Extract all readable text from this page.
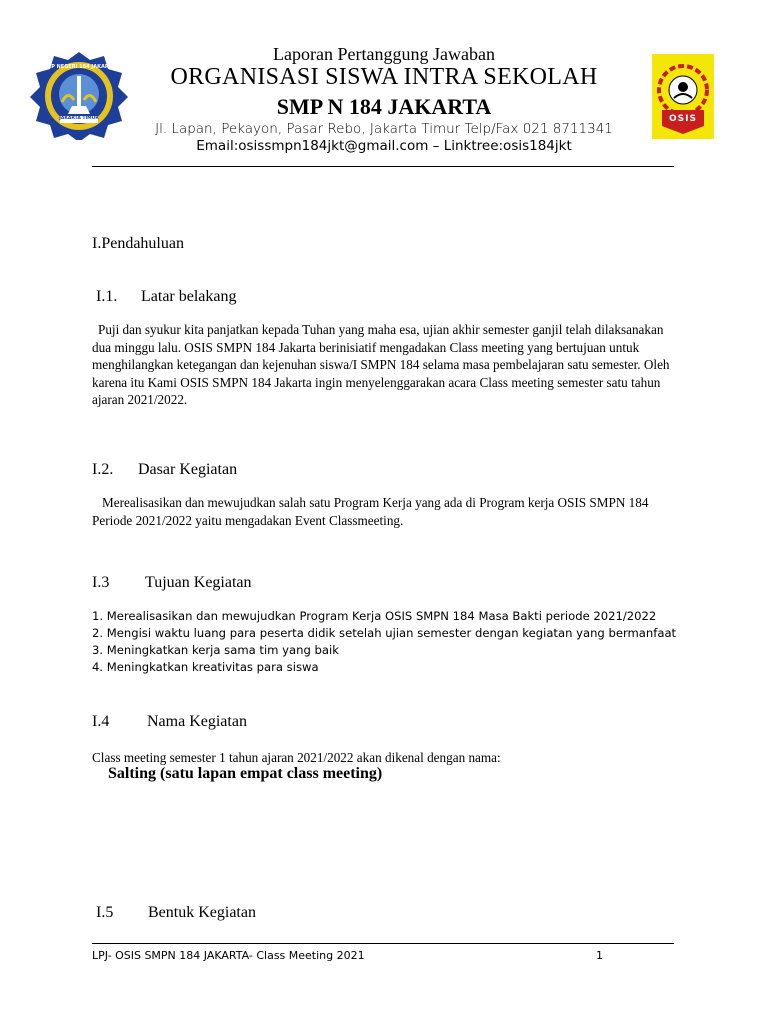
SMP NEGERI 184 JAKARTA
JAKARTA TIMUR	OSIS
Laporan Pertanggung Jawaban
ORGANISASI SISWA INTRA SEKOLAH
SMP N 184 JAKARTA
Jl. Lapan, Pekayon, Pasar Rebo, Jakarta Timur Telp/Fax 021 8711341
Email:osissmpn184jkt@gmail.com – Linktree:osis184jkt
I.Pendahuluan
I.1. Latar belakang
Puji dan syukur kita panjatkan kepada Tuhan yang maha esa, ujian akhir semester ganjil telah dilaksanakan dua minggu lalu. OSIS SMPN 184 Jakarta berinisiatif mengadakan Class meeting yang bertujuan untuk menghilangkan ketegangan dan kejenuhan siswa/I SMPN 184 selama masa pembelajaran satu semester. Oleh karena itu Kami OSIS SMPN 184 Jakarta ingin menyelenggarakan acara Class meeting semester satu tahun ajaran 2021/2022.
I.2. Dasar Kegiatan
Merealisasikan dan mewujudkan salah satu Program Kerja yang ada di Program kerja OSIS SMPN 184 Periode 2021/2022 yaitu mengadakan Event Classmeeting.
I.3 Tujuan Kegiatan
1. Merealisasikan dan mewujudkan Program Kerja OSIS SMPN 184 Masa Bakti periode 2021/2022
2. Mengisi waktu luang para peserta didik setelah ujian semester dengan kegiatan yang bermanfaat
3. Meningkatkan kerja sama tim yang baik
4. Meningkatkan kreativitas para siswa
I.4 Nama Kegiatan
Class meeting semester 1 tahun ajaran 2021/2022 akan dikenal dengan nama:
Salting (satu lapan empat class meeting)
I.5 Bentuk Kegiatan
LPJ- OSIS SMPN 184 JAKARTA- Class Meeting 2021	1
